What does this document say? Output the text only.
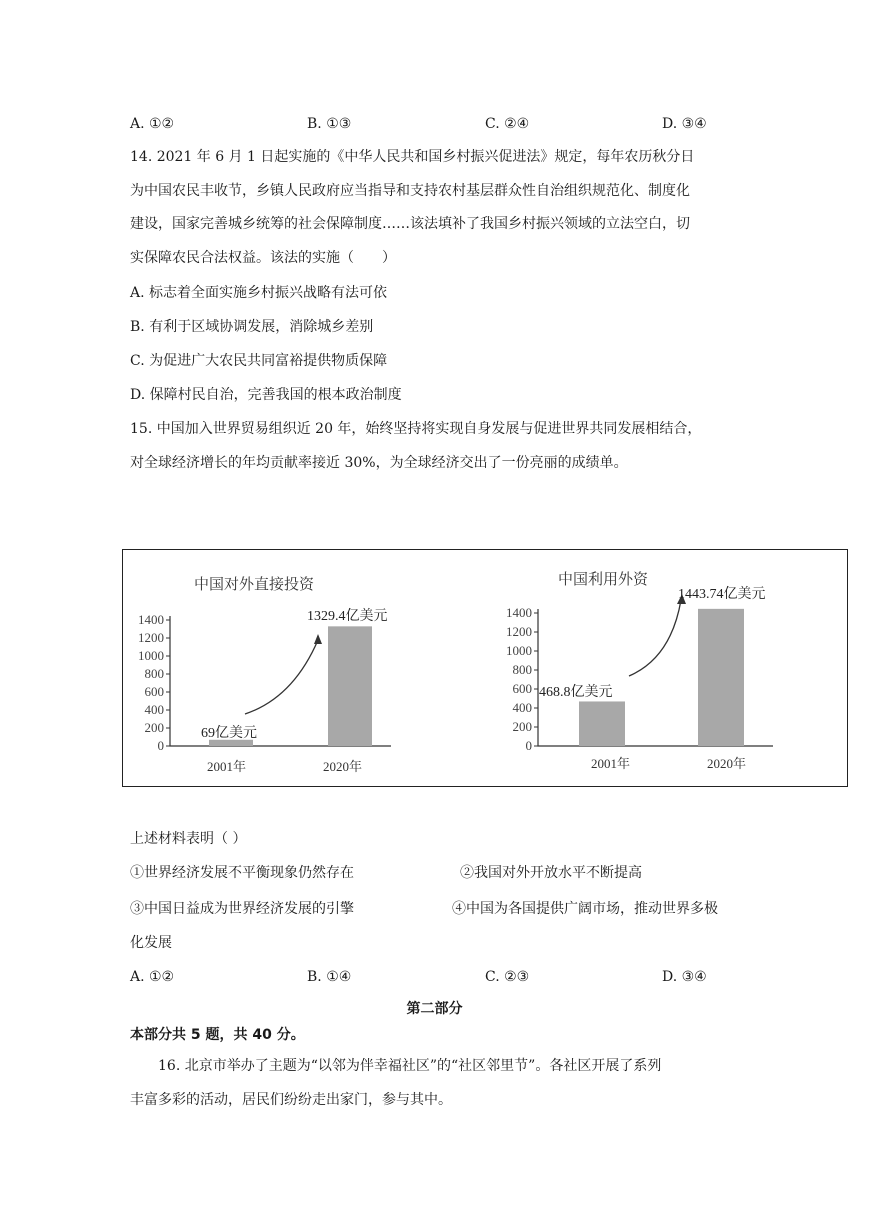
A. ①②	B. ①③	C. ②④	D. ③④
14. 2021 年 6 月 1 日起实施的《中华人民共和国乡村振兴促进法》规定，每年农历秋分日
为中国农民丰收节，乡镇人民政府应当指导和支持农村基层群众性自治组织规范化、制度化
建设，国家完善城乡统筹的社会保障制度……该法填补了我国乡村振兴领域的立法空白，切
实保障农民合法权益。该法的实施（　　）
A. 标志着全面实施乡村振兴战略有法可依
B. 有利于区域协调发展，消除城乡差别
C. 为促进广大农民共同富裕提供物质保障
D. 保障村民自治，完善我国的根本政治制度
15. 中国加入世界贸易组织近 20 年，始终坚持将实现自身发展与促进世界共同发展相结合，
对全球经济增长的年均贡献率接近 30%，为全球经济交出了一份亮丽的成绩单。
中国对外直接投资
0
200
400
600
800
1000
1200
1400
69亿美元
1329.4亿美元
2001年	2020年
中国利用外资
0
200
400
600
800
1000
1200
1400
468.8亿美元
1443.74亿美元
2001年	2020年
上述材料表明（ ）
①世界经济发展不平衡现象仍然存在	②我国对外开放水平不断提高
③中国日益成为世界经济发展的引擎	④中国为各国提供广阔市场，推动世界多极
化发展
A. ①②	B. ①④	C. ②③	D. ③④
第二部分
本部分共 5 题，共 40 分。
16. 北京市举办了主题为“以邻为伴幸福社区”的“社区邻里节”。各社区开展了系列
丰富多彩的活动，居民们纷纷走出家门，参与其中。
